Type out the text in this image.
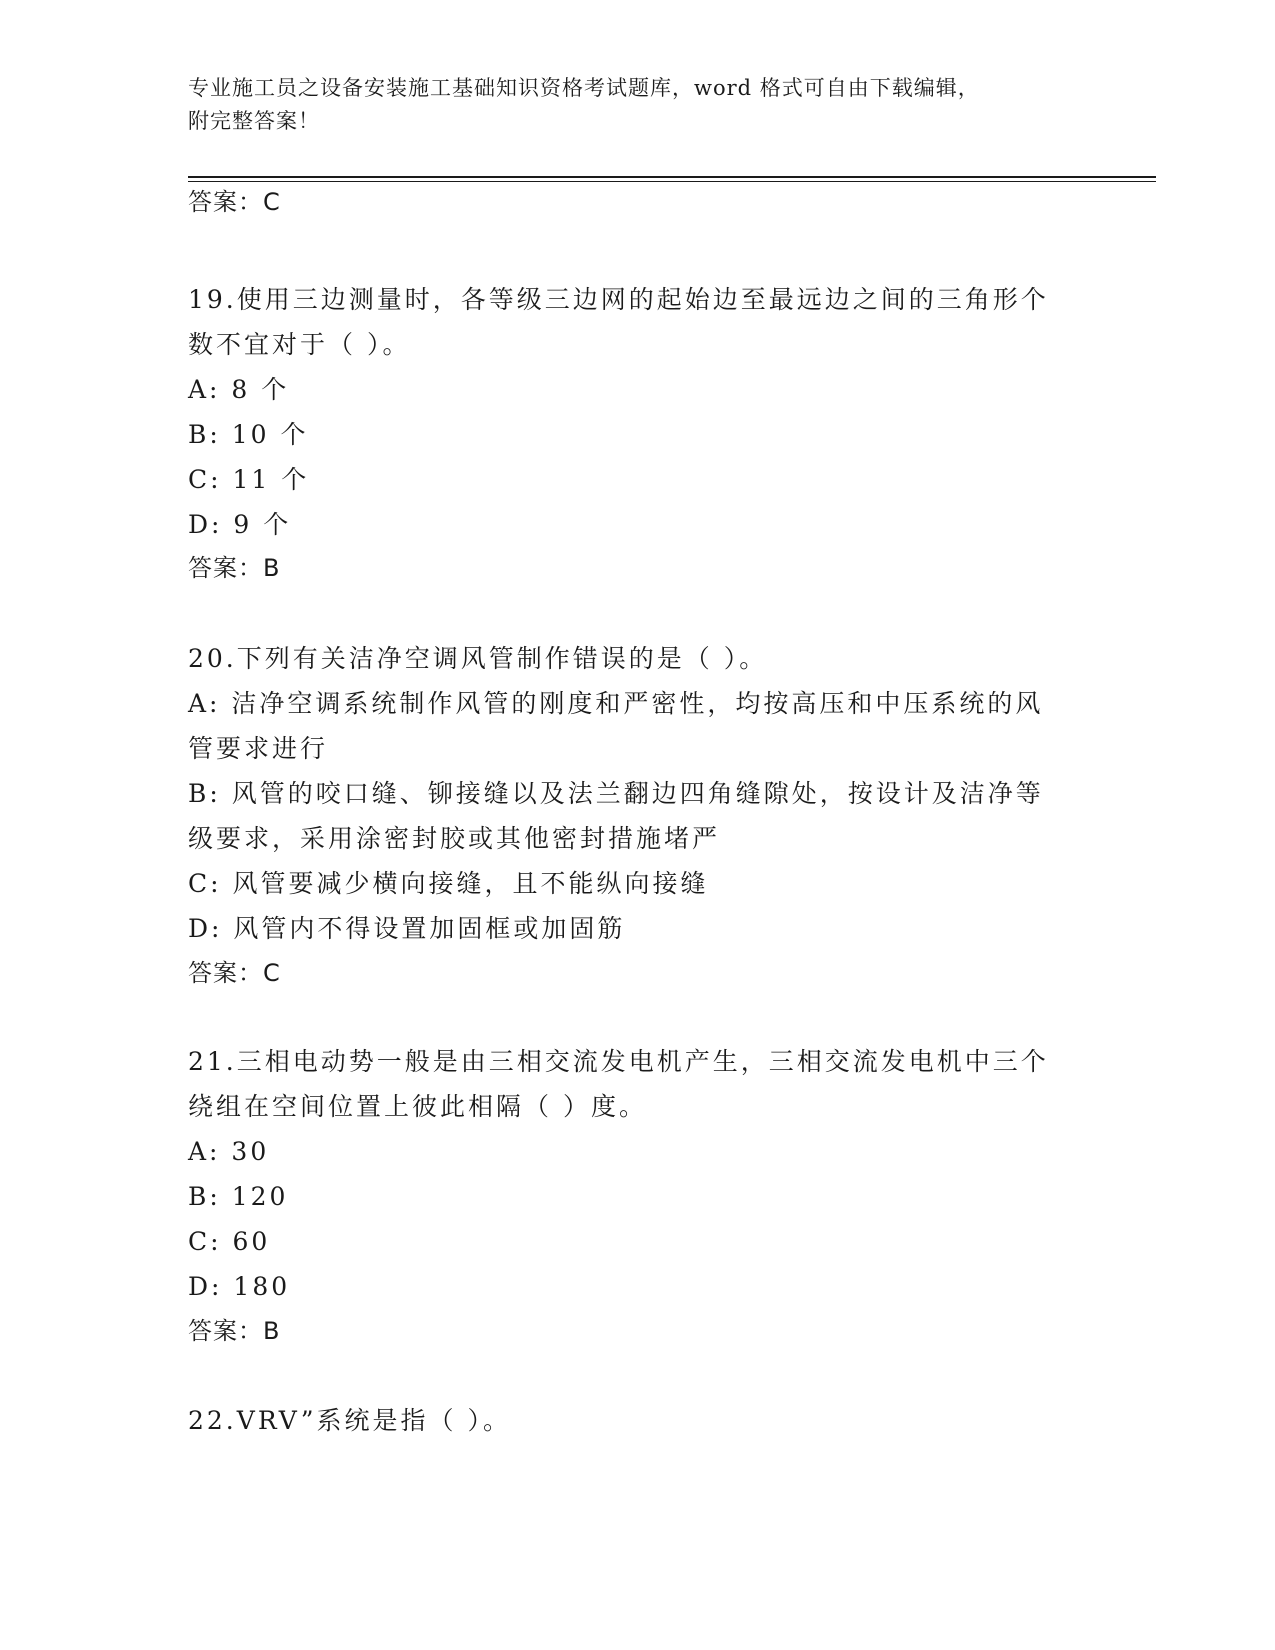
专业施工员之设备安装施工基础知识资格考试题库，word 格式可自由下载编辑，
附完整答案！
答案：C
19.使用三边测量时，各等级三边网的起始边至最远边之间的三角形个
数不宜对于（ ）。
A: 8 个
B: 10 个
C: 11 个
D: 9 个
答案：B
20.下列有关洁净空调风管制作错误的是（ ）。
A: 洁净空调系统制作风管的刚度和严密性，均按高压和中压系统的风
管要求进行
B: 风管的咬口缝、铆接缝以及法兰翻边四角缝隙处，按设计及洁净等
级要求，采用涂密封胶或其他密封措施堵严
C: 风管要减少横向接缝，且不能纵向接缝
D: 风管内不得设置加固框或加固筋
答案：C
21.三相电动势一般是由三相交流发电机产生，三相交流发电机中三个
绕组在空间位置上彼此相隔（ ）度。
A: 30
B: 120
C: 60
D: 180
答案：B
22.VRV”系统是指（ ）。
